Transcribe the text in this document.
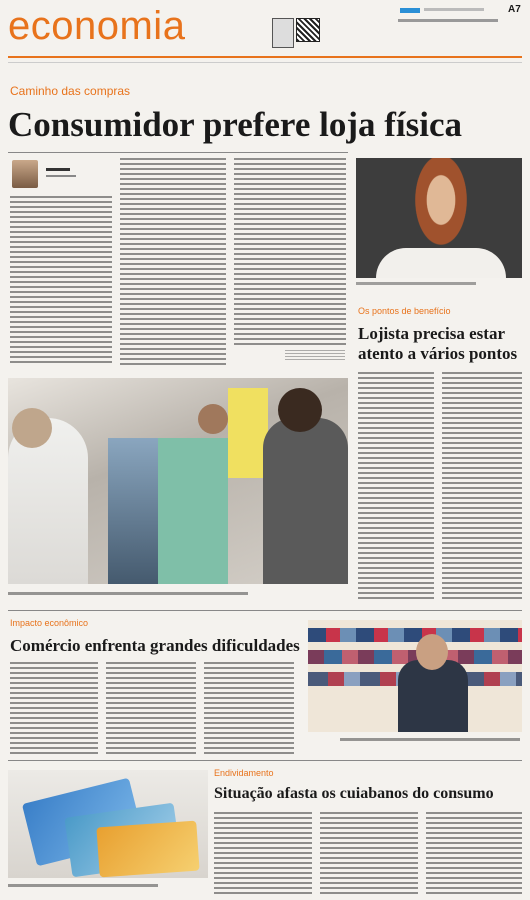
economia	A7
Caminho das compras
Consumidor prefere loja física
Os pontos de benefício
Lojista precisa estar
atento a vários pontos
Impacto econômico
Comércio enfrenta grandes dificuldades
Endividamento
Situação afasta os cuiabanos do consumo
